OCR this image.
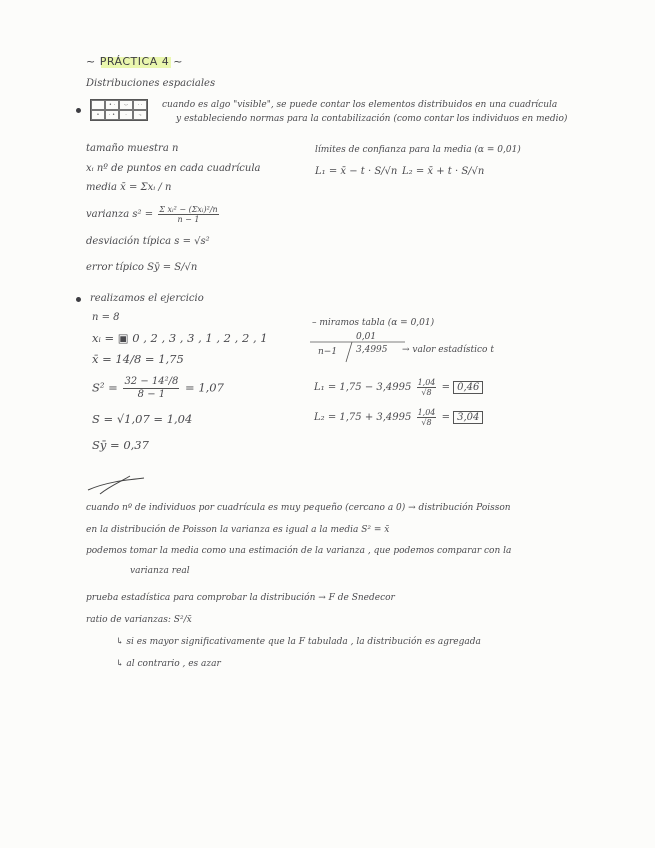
~ PRÁCTICA 4 ~
Distribuciones espaciales
• ·	·:·	· ·
•	· •	·	·:
cuando es algo "visible", se puede contar los elementos distribuidos en una cuadrícula
y estableciendo normas para la contabilización (como contar los individuos en medio)
tamaño muestra n
xᵢ nº de puntos en cada cuadrícula
media x̄ = Σxᵢ / n
varianza $s^2 = \frac{\text{Σ xᵢ² − (Σxᵢ)²/n}}{n - 1}$
desviación típica s = √s²
error típico Sȳ = S/√n
límites de confianza para la media (α = 0,01)
L₁ = x̄ − t · S/√n L₂ = x̄ + t · S/√n
realizamos el ejercicio
n = 8
xᵢ = ▣ 0 , 2 , 3 , 3 , 1 , 2 , 2 , 1
x̄ = 14/8 = 1,75
$S^2 = \frac{\text{32 − 14²/8}}{8 - 1} = 1,07$
S = √1,07 = 1,04
Sȳ = 0,37
– miramos tabla (α = 0,01)
0,01
n−1 3,4995 → valor estadístico t
$L_1 = 1,75 - 3,4995 \frac{1,04}{√8} = 0,46$
$L_2 = 1,75 + 3,4995 \frac{1,04}{√8} = 3,04$
cuando nº de individuos por cuadrícula es muy pequeño (cercano a 0) → distribución Poisson
en la distribución de Poisson la varianza es igual a la media S² = x̄
podemos tomar la media como una estimación de la varianza , que podemos comparar con la
varianza real
prueba estadística para comprobar la distribución → F de Snedecor
ratio de varianzas: S²/x̄
↳ si es mayor significativamente que la F tabulada , la distribución es agregada
↳ al contrario , es azar
